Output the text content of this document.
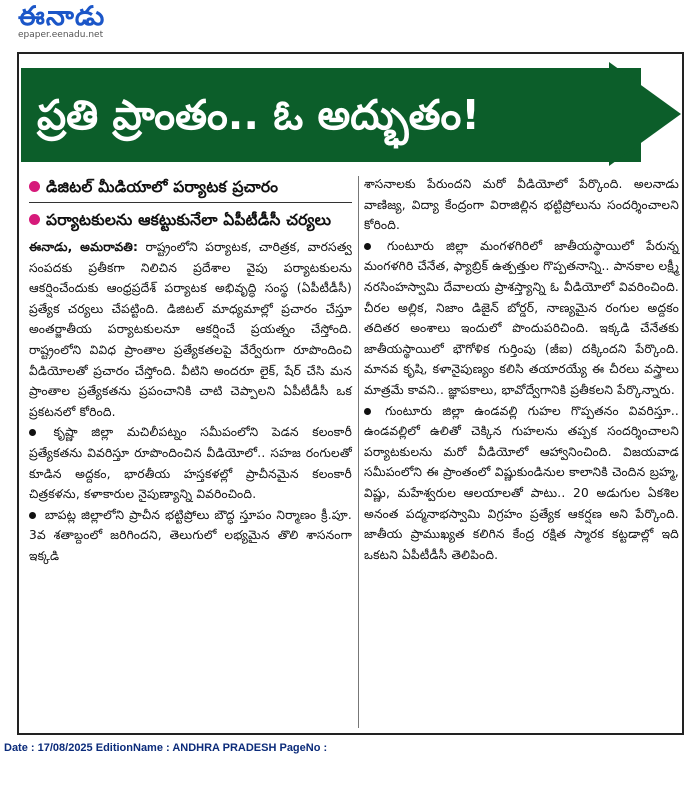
ఈనాడు
epaper.eenadu.net
ప్రతి ప్రాంతం.. ఓ అద్భుతం!
డిజిటల్ మీడియాలో పర్యాటక ప్రచారం
పర్యాటకులను ఆకట్టుకునేలా ఏపీటీడీసీ చర్యలు

ఈనాడు, అమరావతి: రాష్ట్రంలోని పర్యాటక, చారిత్రక, వారసత్వ సంపదకు ప్రతీకగా నిలిచిన ప్రదేశాల వైపు పర్యాటకులను ఆకర్షించేందుకు ఆంధ్రప్రదేశ్ పర్యాటక అభివృద్ధి సంస్థ (ఏపీటీడీసీ) ప్రత్యేక చర్యలు చేపట్టింది. డిజిటల్ మాధ్యమాల్లో ప్రచారం చేస్తూ అంతర్జాతీయ పర్యాటకులనూ ఆకర్షించే ప్రయత్నం చేస్తోంది. రాష్ట్రంలోని వివిధ ప్రాంతాల ప్రత్యేకతలపై వేర్వేరుగా రూపొందించి వీడియోలతో ప్రచారం చేస్తోంది. వీటిని అందరూ లైక్, షేర్ చేసి మన ప్రాంతాల ప్రత్యేకతను ప్రపంచానికి చాటి చెప్పాలని ఏపీటీడీసీ ఒక ప్రకటనలో కోరింది.

కృష్ణా జిల్లా మచిలీపట్నం సమీపంలోని పెడన కలంకారీ ప్రత్యేకతను వివరిస్తూ రూపొందించిన వీడియోలో.. సహజ రంగులతో కూడిన అద్దకం, భారతీయ హస్తకళల్లో ప్రాచీనమైన కలంకారీ చిత్రకళను, కళాకారుల నైపుణ్యాన్ని వివరించింది.

బాపట్ల జిల్లాలోని ప్రాచీన భట్టిప్రోలు బౌద్ధ స్తూపం నిర్మాణం క్రీ.పూ. 3వ శతాబ్దంలో జరిగిందని, తెలుగులో లభ్యమైన తొలి శాసనంగా ఇక్కడి

శాసనాలకు పేరుందని మరో వీడియోలో పేర్కొంది. అలనాడు వాణిజ్య, విద్యా కేంద్రంగా విరాజిల్లిన భట్టిప్రోలును సందర్శించాలని కోరింది.

గుంటూరు జిల్లా మంగళగిరిలో జాతీయస్థాయిలో పేరున్న మంగళగిరి చేనేత, ఫ్యాబ్రిక్ ఉత్పత్తుల గొప్పతనాన్ని.. పానకాల లక్ష్మీ నరసింహస్వామి దేవాలయ ప్రాశస్త్యాన్ని ఓ వీడియోలో వివరించింది. చీరల అల్లిక, నిజాం డిజైన్ బోర్డర్, నాణ్యమైన రంగుల అద్దకం తదితర అంశాలు ఇందులో పొందుపరిచింది. ఇక్కడి చేనేతకు జాతీయస్థాయిలో భౌగోళిక గుర్తింపు (జీఐ) దక్కిందని పేర్కొంది. మానవ కృషి, కళానైపుణ్యం కలిసి తయారయ్యే ఈ చీరలు వస్త్రాలు మాత్రమే కావని.. జ్ఞాపకాలు, భావోద్వేగానికి ప్రతీకలని పేర్కొన్నారు.

గుంటూరు జిల్లా ఉండవల్లి గుహల గొప్పతనం వివరిస్తూ.. ఉండవల్లిలో ఉలితో చెక్కిన గుహలను తప్పక సందర్శించాలని పర్యాటకులను మరో వీడియోలో ఆహ్వానించింది. విజయవాడ సమీపంలోని ఈ ప్రాంతంలో విష్ణుకుండినుల కాలానికి చెందిన బ్రహ్మ, విష్ణు, మహేశ్వరుల ఆలయాలతో పాటు.. 20 అడుగుల ఏకశిల అనంత పద్మనాభస్వామి విగ్రహం ప్రత్యేక ఆకర్షణ అని పేర్కొంది. జాతీయ ప్రాముఖ్యత కలిగిన కేంద్ర రక్షిత స్మారక కట్టడాల్లో ఇది ఒకటని ఏపీటీడీసీ తెలిపింది.

Date : 17/08/2025 EditionName : ANDHRA PRADESH PageNo :
